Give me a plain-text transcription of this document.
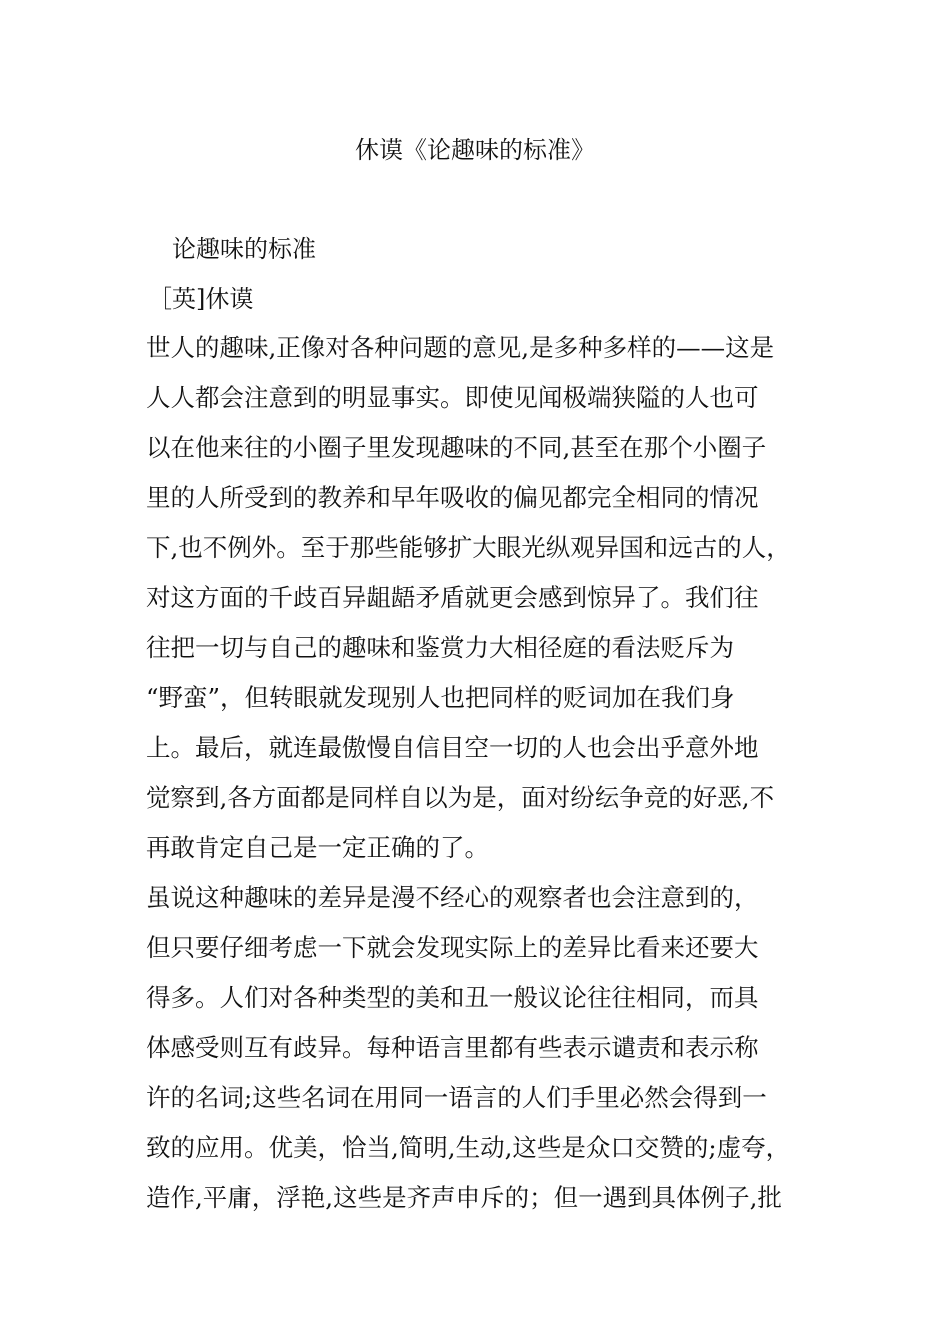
休谟《论趣味的标准》
论趣味的标准
［英]休谟
世人的趣味,正像对各种问题的意见,是多种多样的——这是
人人都会注意到的明显事实。即使见闻极端狭隘的人也可
以在他来往的小圈子里发现趣味的不同,甚至在那个小圈子
里的人所受到的教养和早年吸收的偏见都完全相同的情况
下,也不例外。至于那些能够扩大眼光纵观异国和远古的人，
对这方面的千歧百异龃龉矛盾就更会感到惊异了。我们往
往把一切与自己的趣味和鉴赏力大相径庭的看法贬斥为
“野蛮”，但转眼就发现别人也把同样的贬词加在我们身
上。最后，就连最傲慢自信目空一切的人也会出乎意外地
觉察到,各方面都是同样自以为是，面对纷纭争竞的好恶,不
再敢肯定自己是一定正确的了。
虽说这种趣味的差异是漫不经心的观察者也会注意到的，
但只要仔细考虑一下就会发现实际上的差异比看来还要大
得多。人们对各种类型的美和丑一般议论往往相同，而具
体感受则互有歧异。每种语言里都有些表示谴责和表示称
许的名词;这些名词在用同一语言的人们手里必然会得到一
致的应用。优美，恰当,简明,生动,这些是众口交赞的;虚夸，
造作,平庸，浮艳,这些是齐声申斥的；但一遇到具体例子,批
